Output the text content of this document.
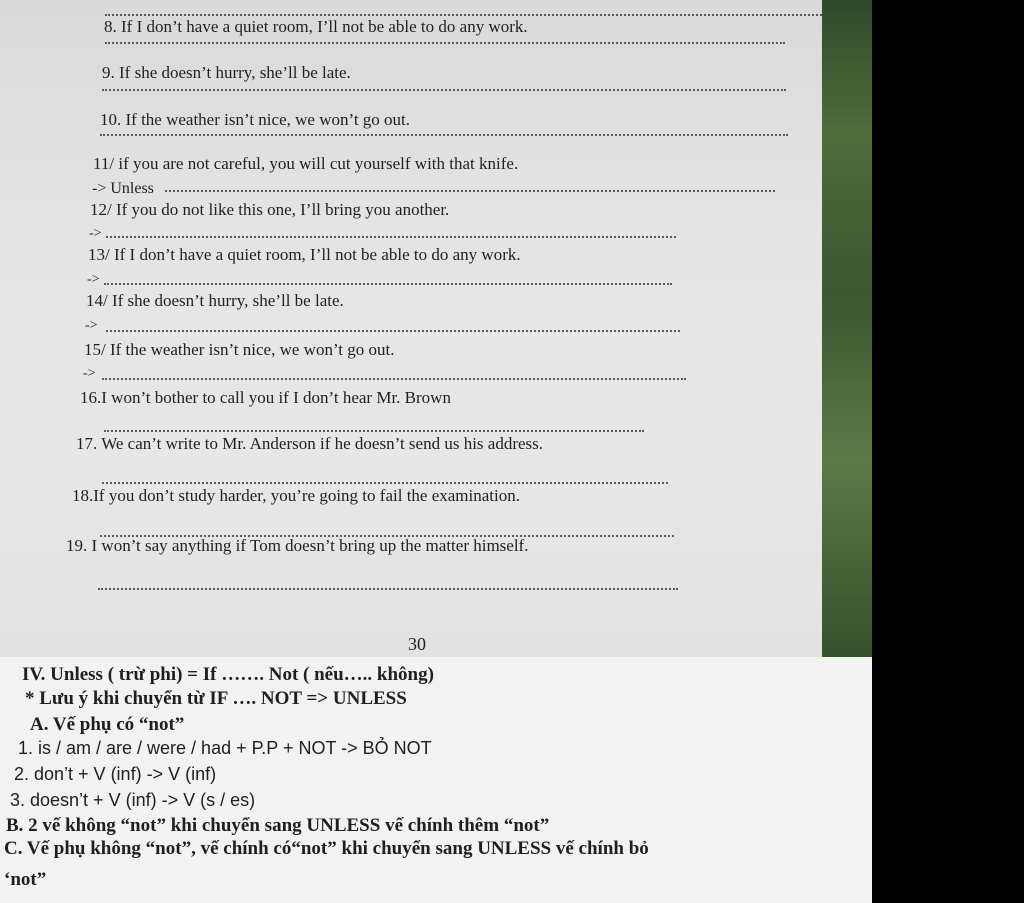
8. If I don’t have a quiet room, I’ll not be able to do any work.
9. If she doesn’t hurry, she’ll be late.
10. If the weather isn’t nice, we won’t go out.
11/ if you are not careful, you will cut yourself with that knife.
-> Unless
12/ If you do not like this one, I’ll bring you another.
->
13/ If I don’t have a quiet room, I’ll not be able to do any work.
->
14/ If she doesn’t hurry, she’ll be late.
->
15/ If the weather isn’t nice, we won’t go out.
->
16.I won’t bother to call you if I don’t hear Mr. Brown
17. We can’t write to Mr. Anderson if he doesn’t send us his address.
18.If you don’t study harder, you’re going to fail the examination.
19. I won’t say anything if Tom doesn’t bring up the matter himself.
30
IV. Unless ( trừ phi) = If ……. Not ( nếu….. không)
* Lưu ý khi chuyển từ IF …. NOT => UNLESS
A. Vế phụ có “not”
1. is / am / are / were / had + P.P + NOT -> BỎ NOT
2. don’t + V (inf) -> V (inf)
3. doesn’t + V (inf) -> V (s / es)
B. 2 vế không “not” khi chuyển sang UNLESS vế chính thêm “not”
C. Vế phụ không “not”, vế chính có“not” khi chuyển sang UNLESS vế chính bỏ
‘not”
